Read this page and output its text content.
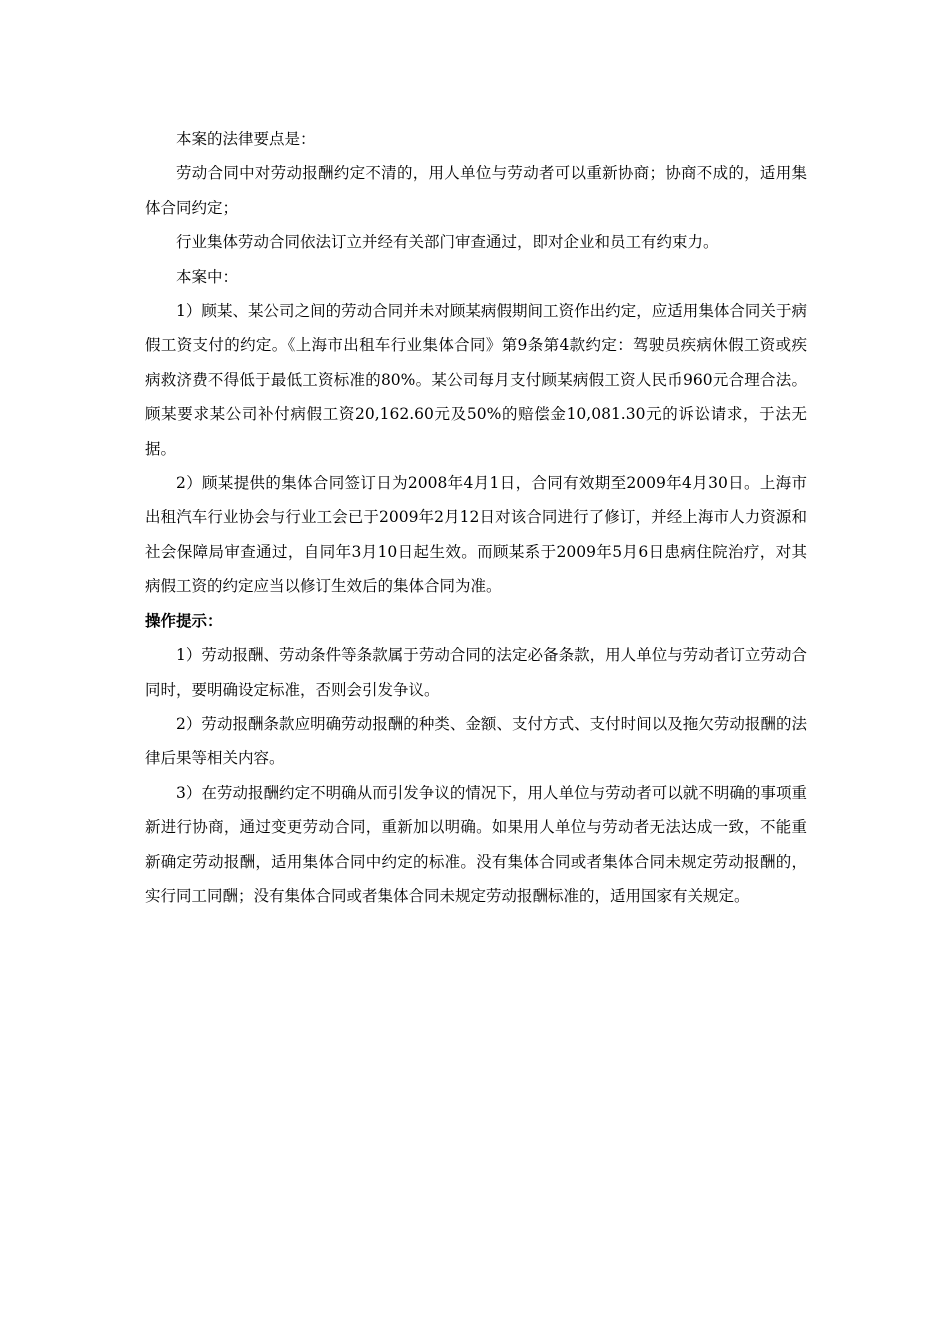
本案的法律要点是：

劳动合同中对劳动报酬约定不清的，用人单位与劳动者可以重新协商；协商不成的，适用集体合同约定；

行业集体劳动合同依法订立并经有关部门审查通过，即对企业和员工有约束力。

本案中：

1）顾某、某公司之间的劳动合同并未对顾某病假期间工资作出约定，应适用集体合同关于病假工资支付的约定。《上海市出租车行业集体合同》第9条第4款约定：驾驶员疾病休假工资或疾病救济费不得低于最低工资标准的80%。某公司每月支付顾某病假工资人民币960元合理合法。顾某要求某公司补付病假工资20,162.60元及50%的赔偿金10,081.30元的诉讼请求，于法无据。

2）顾某提供的集体合同签订日为2008年4月1日，合同有效期至2009年4月30日。上海市出租汽车行业协会与行业工会已于2009年2月12日对该合同进行了修订，并经上海市人力资源和社会保障局审查通过，自同年3月10日起生效。而顾某系于2009年5月6日患病住院治疗，对其病假工资的约定应当以修订生效后的集体合同为准。

操作提示：

1）劳动报酬、劳动条件等条款属于劳动合同的法定必备条款，用人单位与劳动者订立劳动合同时，要明确设定标准，否则会引发争议。

2）劳动报酬条款应明确劳动报酬的种类、金额、支付方式、支付时间以及拖欠劳动报酬的法律后果等相关内容。

3）在劳动报酬约定不明确从而引发争议的情况下，用人单位与劳动者可以就不明确的事项重新进行协商，通过变更劳动合同，重新加以明确。如果用人单位与劳动者无法达成一致，不能重新确定劳动报酬，适用集体合同中约定的标准。没有集体合同或者集体合同未规定劳动报酬的，实行同工同酬；没有集体合同或者集体合同未规定劳动报酬标准的，适用国家有关规定。
